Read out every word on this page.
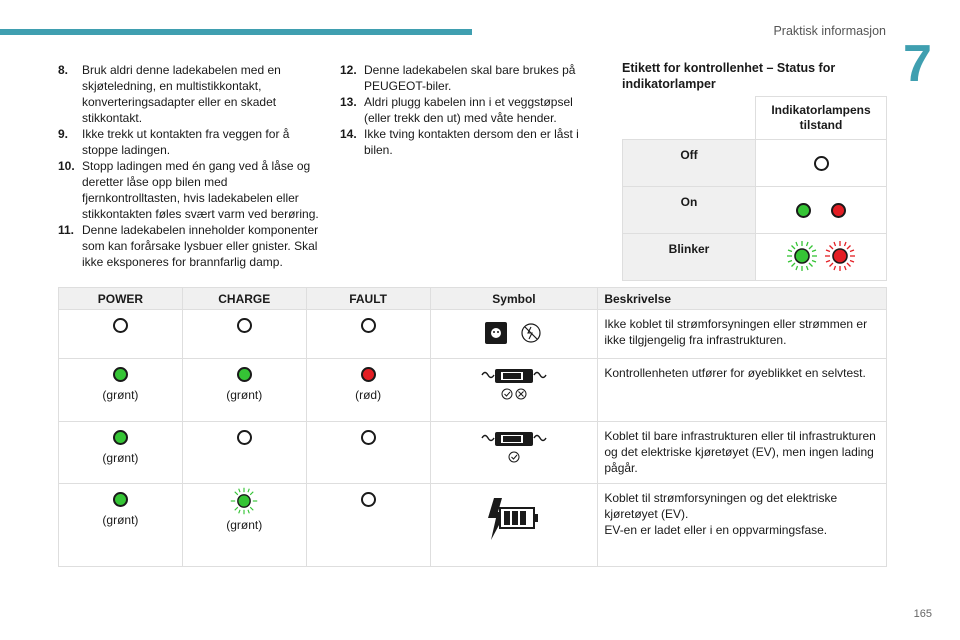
Praktisk informasjon
7
8.	Bruk aldri denne ladekabelen med en skjøteledning, en multistikkontakt, konverteringsadapter eller en skadet stikkontakt.
9.	Ikke trekk ut kontakten fra veggen for å stoppe ladingen.
10. Stopp ladingen med én gang ved å låse og deretter låse opp bilen med fjernkontrolltasten, hvis ladekabelen eller stikkontakten føles svært varm ved berøring.
11. Denne ladekabelen inneholder komponenter som kan forårsake lysbuer eller gnister. Skal ikke eksponeres for brannfarlig damp.
12. Denne ladekabelen skal bare brukes på PEUGEOT-biler.
13. Aldri plugg kabelen inn i et veggstøpsel (eller trekk den ut) med våte hender.
14. Ikke tving kontakten dersom den er låst i bilen.
Etikett for kontrollenhet – Status for indikatorlamper
	Indikatorlampens tilstand
Off	
On	
Blinker	
POWER	CHARGE	FAULT	Symbol	Beskrivelse
				Ikke koblet til strømforsyningen eller strømmen er ikke tilgjengelig fra infrastrukturen.

(grønt)	(grønt)	(rød)		Kontrollenheten utfører for øyeblikket en selvtest.

(grønt)				Koblet til bare infrastrukturen eller til infrastrukturen og det elektriske kjøretøyet (EV), men ingen lading pågår.

(grønt)	(grønt)			Koblet til strømforsyningen og det elektriske kjøretøyet (EV).
EV-en er ladet eller i en oppvarmingsfase.
165
